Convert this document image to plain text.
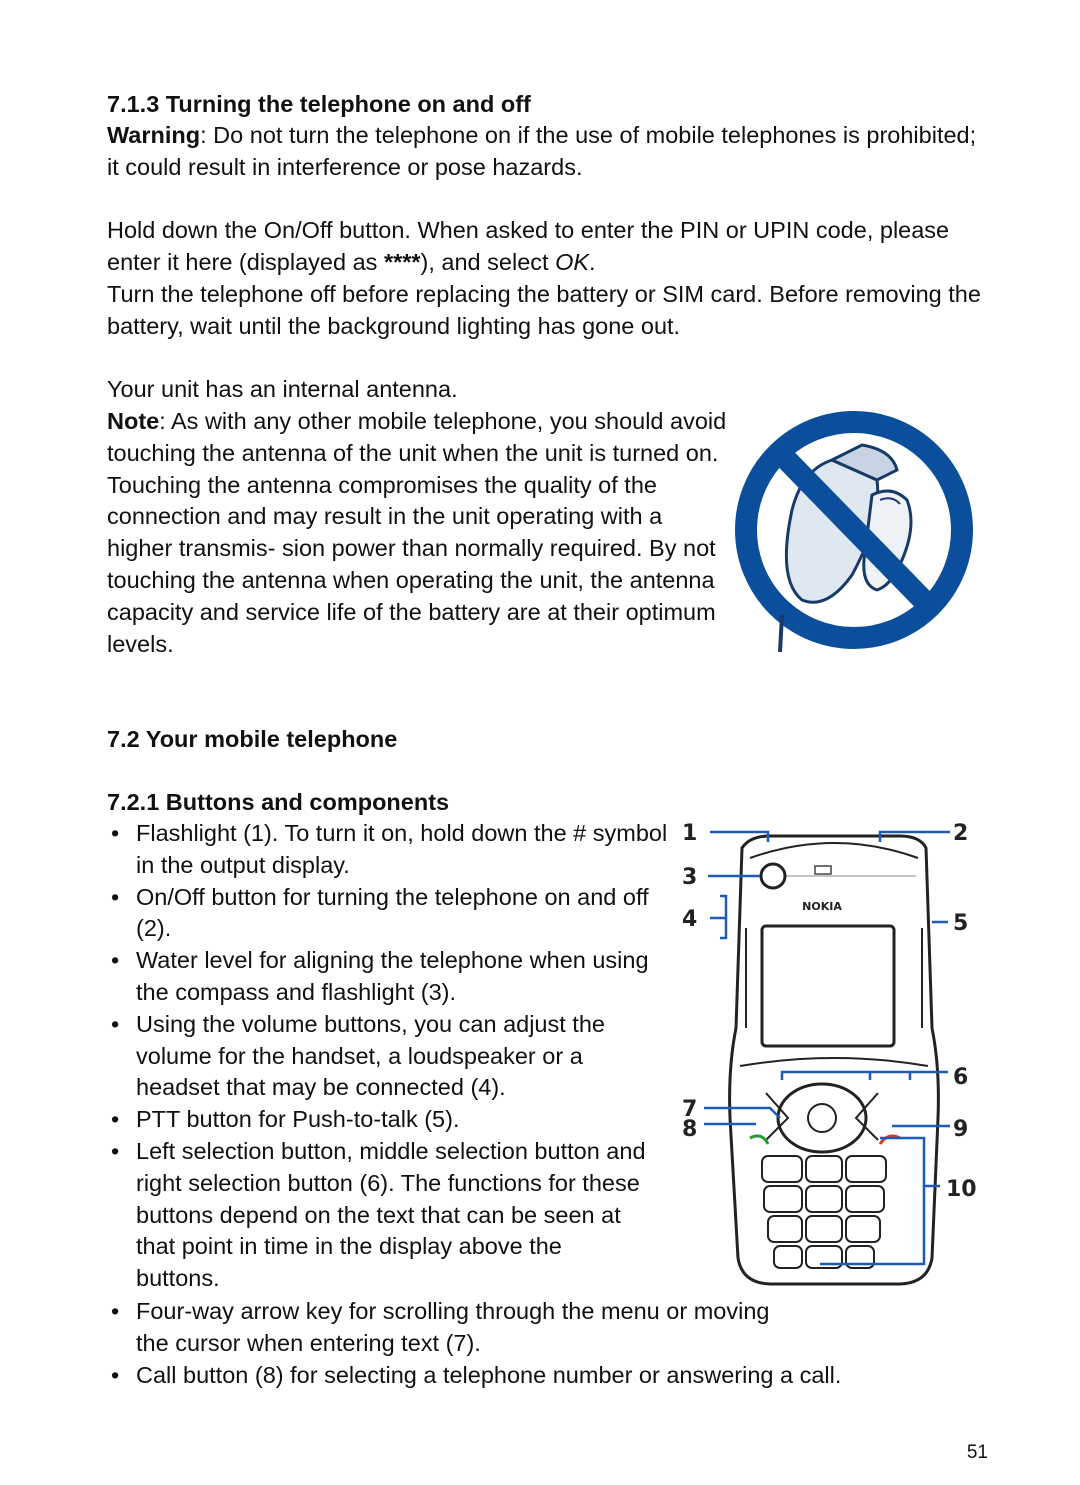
7.1.3 Turning the telephone on and off

Warning: Do not turn the telephone on if the use of mobile telephones is prohibited; it could result in interference or pose hazards.

Hold down the On/Off button. When asked to enter the PIN or UPIN code, please enter it here (displayed as ****), and select OK.

Turn the telephone off before replacing the battery or SIM card. Before removing the battery, wait until the background lighting has gone out.

Your unit has an internal antenna.

Note: As with any other mobile telephone, you should avoid touching the antenna of the unit when the unit is turned on. Touching the antenna compromises the quality of the connection and may result in the unit operating with a higher transmis- sion power than normally required. By not touching the antenna when operating the unit, the antenna capacity and service life of the battery are at their optimum levels.

7.2 Your mobile telephone

7.2.1 Buttons and components

• Flashlight (1). To turn it on, hold down the # symbol in the output display.
• On/Off button for turning the telephone on and off (2).
• Water level for aligning the telephone when using the compass and flashlight (3).
• Using the volume buttons, you can adjust the volume for the handset, a loudspeaker or a headset that may be connected (4).
• PTT button for Push-to-talk (5).
• Left selection button, middle selection button and right selection button (6). The functions for these buttons depend on the text that can be seen at that point in time in the display above the buttons.
• Four-way arrow key for scrolling through the menu or moving the cursor when entering text (7).
• Call button (8) for selecting a telephone number or answering a call.
NOKIA
1	2
3
4	5
6
7
8	9
10
51
